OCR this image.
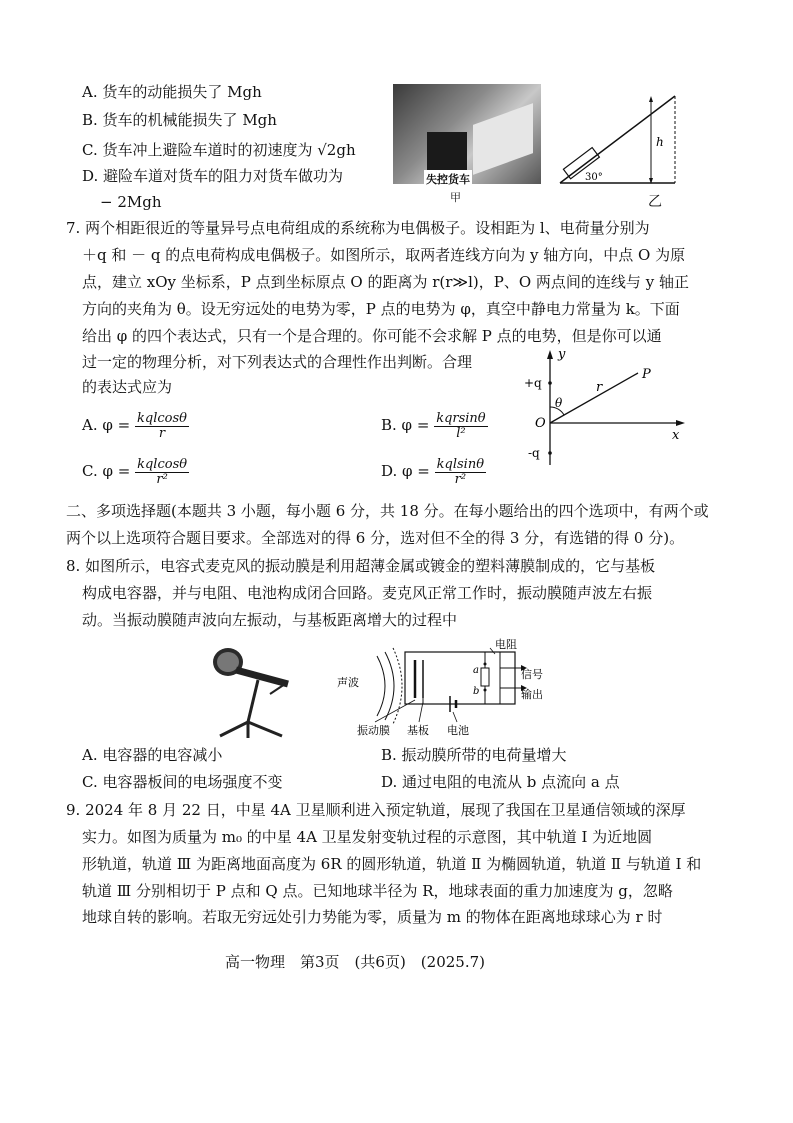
A. 货车的动能损失了 Mgh
B. 货车的机械能损失了 Mgh
C. 货车冲上避险车道时的初速度为 √2gh
D. 避险车道对货车的阻力对货车做功为
− 2Mgh
失控货车
甲
h
30°
乙
7. 两个相距很近的等量异号点电荷组成的系统称为电偶极子。设相距为 l、电荷量分别为
＋q 和 － q 的点电荷构成电偶极子。如图所示，取两者连线方向为 y 轴方向，中点 O 为原
点，建立 xOy 坐标系，P 点到坐标原点 O 的距离为 r(r≫l)，P、O 两点间的连线与 y 轴正
方向的夹角为 θ。设无穷远处的电势为零，P 点的电势为 φ，真空中静电力常量为 k。下面
给出 φ 的四个表达式，只有一个是合理的。你可能不会求解 P 点的电势，但是你可以通
过一定的物理分析，对下列表达式的合理性作出判断。合理
的表达式应为
A. $\varphi = \frac{\text{kqlcosθ}}{r}$	B. $\varphi = \frac{\text{kqrsinθ}}{\text{l²}}$
C. $\varphi = \frac{\text{kqlcosθ}}{\text{r²}}$	D. $\varphi = \frac{\text{kqlsinθ}}{\text{r²}}$
y
x
P
O
r
θ
+q
-q
二、多项选择题(本题共 3 小题，每小题 6 分，共 18 分。在每小题给出的四个选项中，有两个或
两个以上选项符合题目要求。全部选对的得 6 分，选对但不全的得 3 分，有选错的得 0 分)。
8. 如图所示，电容式麦克风的振动膜是利用超薄金属或镀金的塑料薄膜制成的，它与基板
构成电容器，并与电阻、电池构成闭合回路。麦克风正常工作时，振动膜随声波左右振
动。当振动膜随声波向左振动，与基板距离增大的过程中
电阻
信号
输出
a
b
声波
振动膜 基板 电池
A. 电容器的电容减小	B. 振动膜所带的电荷量增大
C. 电容器板间的电场强度不变	D. 通过电阻的电流从 b 点流向 a 点
9. 2024 年 8 月 22 日，中星 4A 卫星顺利进入预定轨道，展现了我国在卫星通信领域的深厚
实力。如图为质量为 m₀ 的中星 4A 卫星发射变轨过程的示意图，其中轨道 Ⅰ 为近地圆
形轨道，轨道 Ⅲ 为距离地面高度为 6R 的圆形轨道，轨道 Ⅱ 为椭圆轨道，轨道 Ⅱ 与轨道 Ⅰ 和
轨道 Ⅲ 分别相切于 P 点和 Q 点。已知地球半径为 R，地球表面的重力加速度为 g，忽略
地球自转的影响。若取无穷远处引力势能为零，质量为 m 的物体在距离地球球心为 r 时
高一物理　第3页　(共6页)　(2025.7)
